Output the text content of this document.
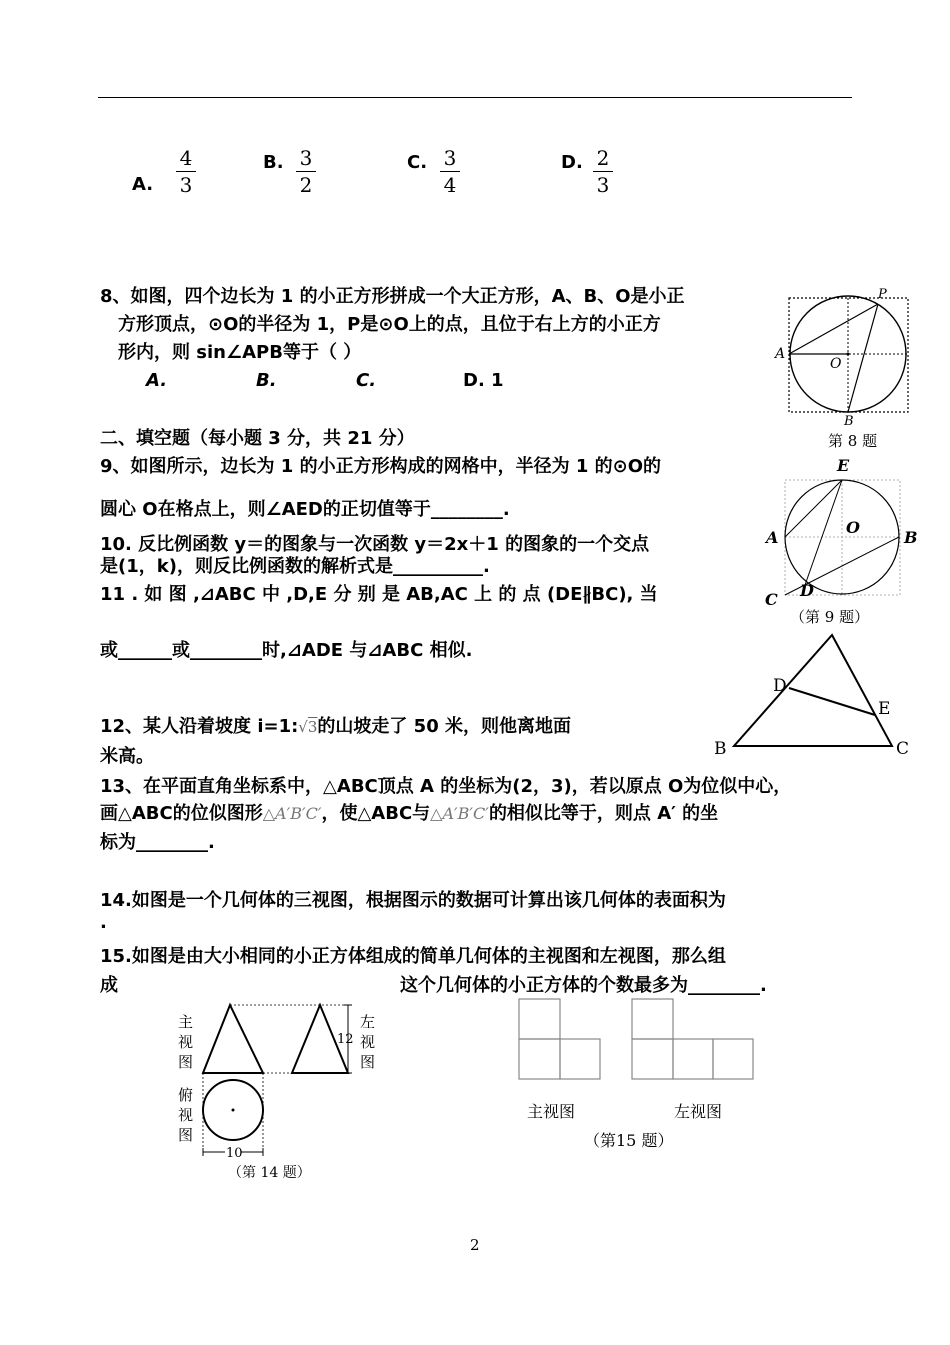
A.
4
3
B. 3
2
C. 3
4
D. 2
3
8、如图，四个边长为 1 的小正方形拼成一个大正方形，A、B、O是小正
方形顶点，⊙O的半径为 1，P是⊙O上的点，且位于右上方的小正方
形内，则 sin∠APB等于（ ）
A.	B.	C.	D. 1
A
O
P
B
第 8 题
二、填空题（每小题 3 分，共 21 分）
9、如图所示，边长为 1 的小正方形构成的网格中，半径为 1 的⊙O的
圆心 O在格点上，则∠AED的正切值等于________.
E
O
A	B
D
C
（第 9 题）
10. 反比例函数 y＝的图象与一次函数 y＝2x＋1 的图象的一个交点
是(1，k)，则反比例函数的解析式是__________.
11 . 如 图 ,⊿ABC 中 ,D,E 分 别 是 AB,AC 上 的 点 (DE∦BC), 当
或______或________时,⊿ADE 与⊿ABC 相似.
D
E
B	C
12、某人沿着坡度 i=1:√3的山坡走了 50 米，则他离地面
米高。
13、在平面直角坐标系中，△ABC顶点 A 的坐标为(2，3)，若以原点 O为位似中心，
画△ABC的位似图形△A′B′C′，使△ABC与△A′B′C′的相似比等于，则点 A′ 的坐
标为________.
14.如图是一个几何体的三视图，根据图示的数据可计算出该几何体的表面积为
.
15.如图是由大小相同的小正方体组成的简单几何体的主视图和左视图，那么组
成	这个几何体的小正方体的个数最多为________.
12
10
主
视
图
左
视
图
俯
视
图
（第 14 题）
主视图	左视图
（第15 题）
2
